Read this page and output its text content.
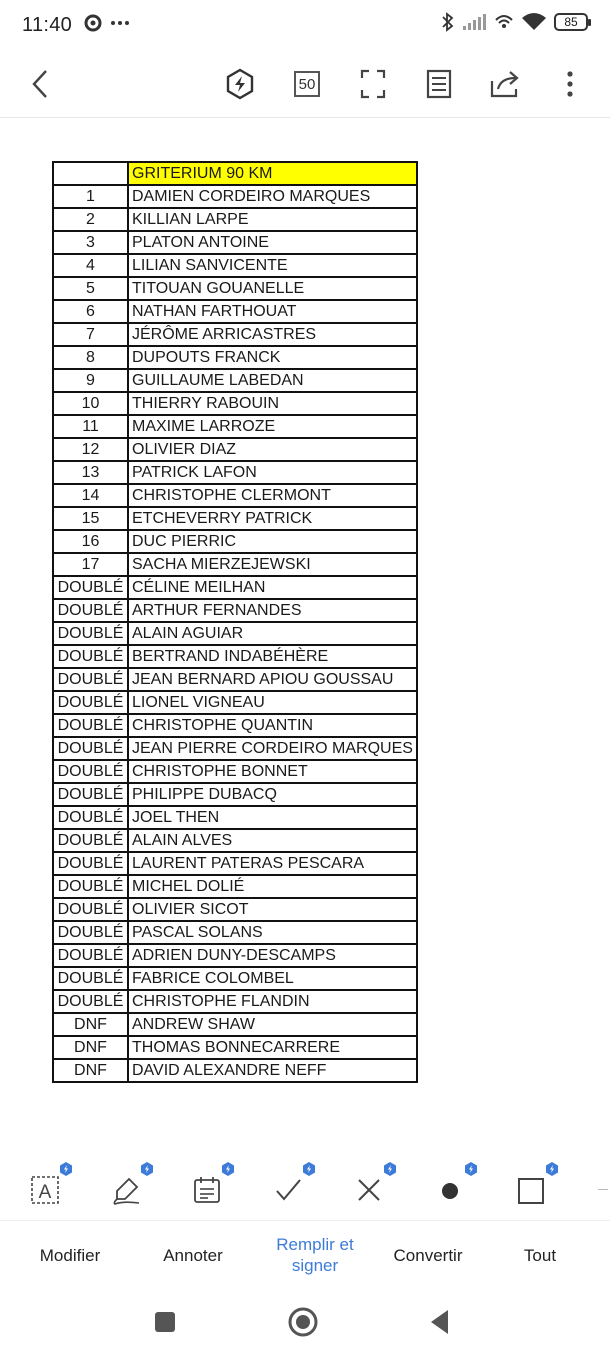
11:40	85
50
	GRITERIUM 90 KM
1	DAMIEN CORDEIRO MARQUES
2	KILLIAN LARPE
3	PLATON ANTOINE
4	LILIAN SANVICENTE
5	TITOUAN GOUANELLE
6	NATHAN FARTHOUAT
7	JÉRÔME ARRICASTRES
8	DUPOUTS FRANCK
9	GUILLAUME LABEDAN
10	THIERRY RABOUIN
11	MAXIME LARROZE
12	OLIVIER DIAZ
13	PATRICK LAFON
14	CHRISTOPHE CLERMONT
15	ETCHEVERRY PATRICK
16	DUC PIERRIC
17	SACHA MIERZEJEWSKI
DOUBLÉ	CÉLINE MEILHAN
DOUBLÉ	ARTHUR FERNANDES
DOUBLÉ	ALAIN AGUIAR
DOUBLÉ	BERTRAND INDABÉHÈRE
DOUBLÉ	JEAN BERNARD APIOU GOUSSAU
DOUBLÉ	LIONEL VIGNEAU
DOUBLÉ	CHRISTOPHE QUANTIN
DOUBLÉ	JEAN PIERRE CORDEIRO MARQUES
DOUBLÉ	CHRISTOPHE BONNET
DOUBLÉ	PHILIPPE DUBACQ
DOUBLÉ	JOEL THEN
DOUBLÉ	ALAIN ALVES
DOUBLÉ	LAURENT PATERAS PESCARA
DOUBLÉ	MICHEL DOLIÉ
DOUBLÉ	OLIVIER SICOT
DOUBLÉ	PASCAL SOLANS
DOUBLÉ	ADRIEN DUNY-DESCAMPS
DOUBLÉ	FABRICE COLOMBEL
DOUBLÉ	CHRISTOPHE FLANDIN
DNF	ANDREW SHAW
DNF	THOMAS BONNECARRERE
DNF	DAVID ALEXANDRE NEFF
A
Modifier	Annoter
Remplir et signer
Convertir	Tout
